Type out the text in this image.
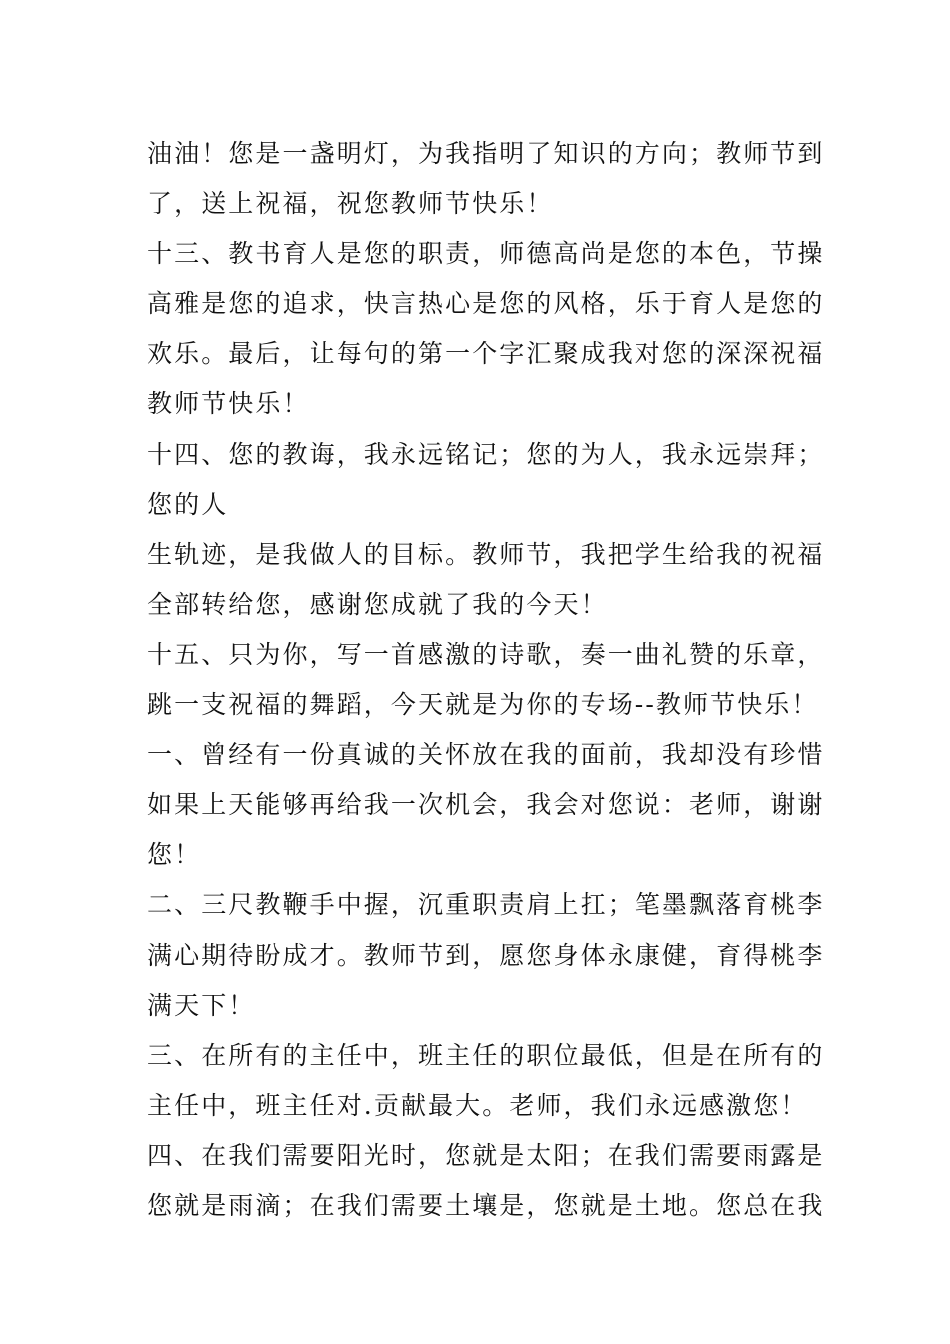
油油！您是一盏明灯，为我指明了知识的方向；教师节到
了，送上祝福，祝您教师节快乐！
十三、教书育人是您的职责，师德高尚是您的本色，节操
高雅是您的追求，快言热心是您的风格，乐于育人是您的
欢乐。最后，让每句的第一个字汇聚成我对您的深深祝福
教师节快乐！
十四、您的教诲，我永远铭记；您的为人，我永远崇拜；
您的人
生轨迹，是我做人的目标。教师节，我把学生给我的祝福
全部转给您，感谢您成就了我的今天！
十五、只为你，写一首感激的诗歌，奏一曲礼赞的乐章，
跳一支祝福的舞蹈，今天就是为你的专场--教师节快乐！
一、曾经有一份真诚的关怀放在我的面前，我却没有珍惜
如果上天能够再给我一次机会，我会对您说：老师，谢谢
您！
二、三尺教鞭手中握，沉重职责肩上扛；笔墨飘落育桃李
满心期待盼成才。教师节到，愿您身体永康健，育得桃李
满天下！
三、在所有的主任中，班主任的职位最低，但是在所有的
主任中，班主任对.贡献最大。老师，我们永远感激您！
四、在我们需要阳光时，您就是太阳；在我们需要雨露是
您就是雨滴；在我们需要土壤是，您就是土地。您总在我
